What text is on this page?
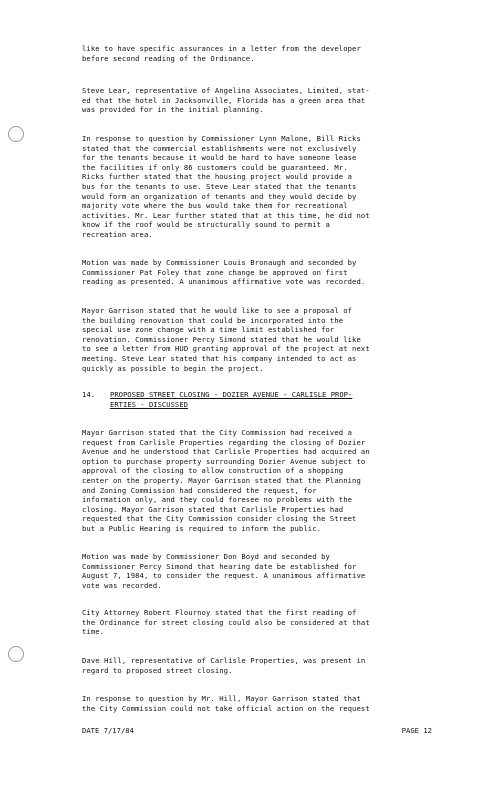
like to have specific assurances in a letter from the developer
before second reading of the Ordinance.

Steve Lear, representative of Angelina Associates, Limited, stat-
ed that the hotel in Jacksonville, Florida has a green area that
was provided for in the initial planning.

In response to question by Commissioner Lynn Malone, Bill Ricks
stated that the commercial establishments were not exclusively
for the tenants because it would be hard to have someone lease
the facilities if only 86 customers could be guaranteed. Mr.
Ricks further stated that the housing project would provide a
bus for the tenants to use. Steve Lear stated that the tenants
would form an organization of tenants and they would decide by
majority vote where the bus would take them for recreational
activities. Mr. Lear further stated that at this time, he did not
know if the roof would be structurally sound to permit a
recreation area.

Motion was made by Commissioner Louis Bronaugh and seconded by
Commissioner Pat Foley that zone change be approved on first
reading as presented. A unanimous affirmative vote was recorded.

Mayor Garrison stated that he would like to see a proposal of
the building renovation that could be incorporated into the
special use zone change with a time limit established for
renovation. Commissioner Percy Simond stated that he would like
to see a letter from HUD granting approval of the project at next
meeting. Steve Lear stated that his company intended to act as
quickly as possible to begin the project.

14. PROPOSED STREET CLOSING - DOZIER AVENUE - CARLISLE PROP-
ERTIES - DISCUSSED

Mayor Garrison stated that the City Commission had received a
request from Carlisle Properties regarding the closing of Dozier
Avenue and he understood that Carlisle Properties had acquired an
option to purchase property surrounding Dozier Avenue subject to
approval of the closing to allow construction of a shopping
center on the property. Mayor Garrison stated that the Planning
and Zoning Commission had considered the request, for
information only, and they could foresee no problems with the
closing. Mayor Garrison stated that Carlisle Properties had
requested that the City Commission consider closing the Street
but a Public Hearing is required to inform the public.

Motion was made by Commissioner Don Boyd and seconded by
Commissioner Percy Simond that hearing date be established for
August 7, 1984, to consider the request. A unanimous affirmative
vote was recorded.

City Attorney Robert Flournoy stated that the first reading of
the Ordinance for street closing could also be considered at that
time.

Dave Hill, representative of Carlisle Properties, was present in
regard to proposed street closing.

In response to question by Mr. Hill, Mayor Garrison stated that
the City Commission could not take official action on the request

DATE 7/17/84	PAGE 12
